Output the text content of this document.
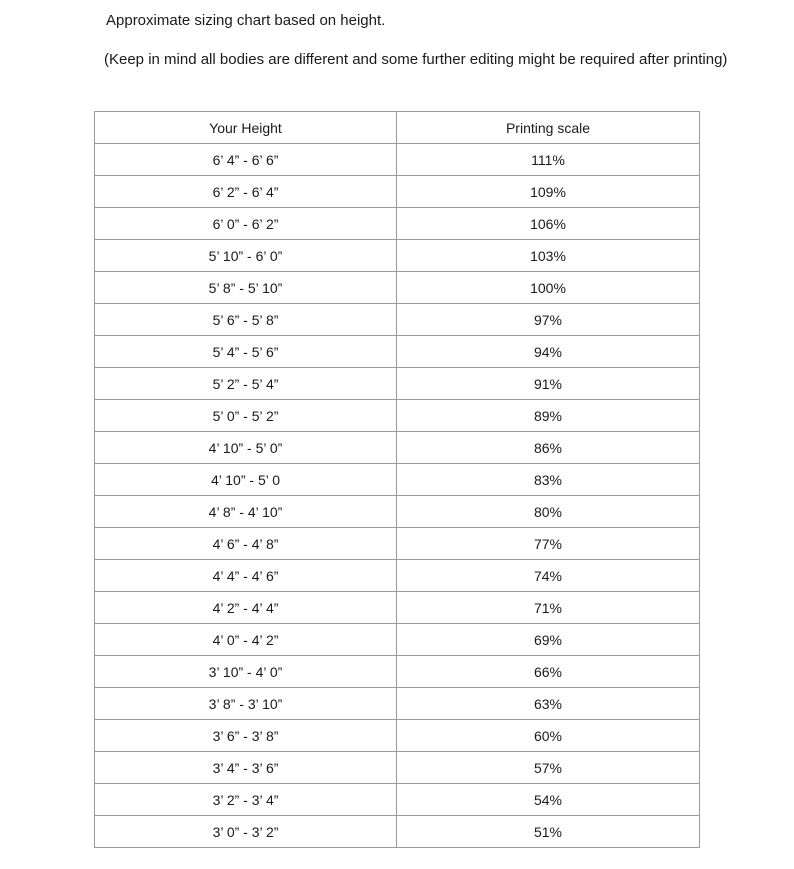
Approximate sizing chart based on height.
(Keep in mind all bodies are different and some further editing might be required after printing)
Your Height	Printing scale
6’ 4” - 6’ 6”	111%
6’ 2” - 6’ 4”	109%
6’ 0” - 6’ 2”	106%
5’ 10” - 6’ 0”	103%
5’ 8” - 5’ 10”	100%
5’ 6” - 5’ 8”	97%
5’ 4” - 5’ 6”	94%
5’ 2” - 5’ 4”	91%
5’ 0” - 5’ 2”	89%
4’ 10” - 5’ 0”	86%
4’ 10” - 5’ 0	83%
4’ 8” - 4’ 10”	80%
4’ 6” - 4’ 8”	77%
4’ 4” - 4’ 6”	74%
4’ 2” - 4’ 4”	71%
4’ 0” - 4’ 2”	69%
3’ 10” - 4’ 0”	66%
3’ 8” - 3’ 10”	63%
3’ 6” - 3’ 8”	60%
3’ 4” - 3’ 6”	57%
3’ 2” - 3’ 4”	54%
3’ 0” - 3’ 2”	51%
